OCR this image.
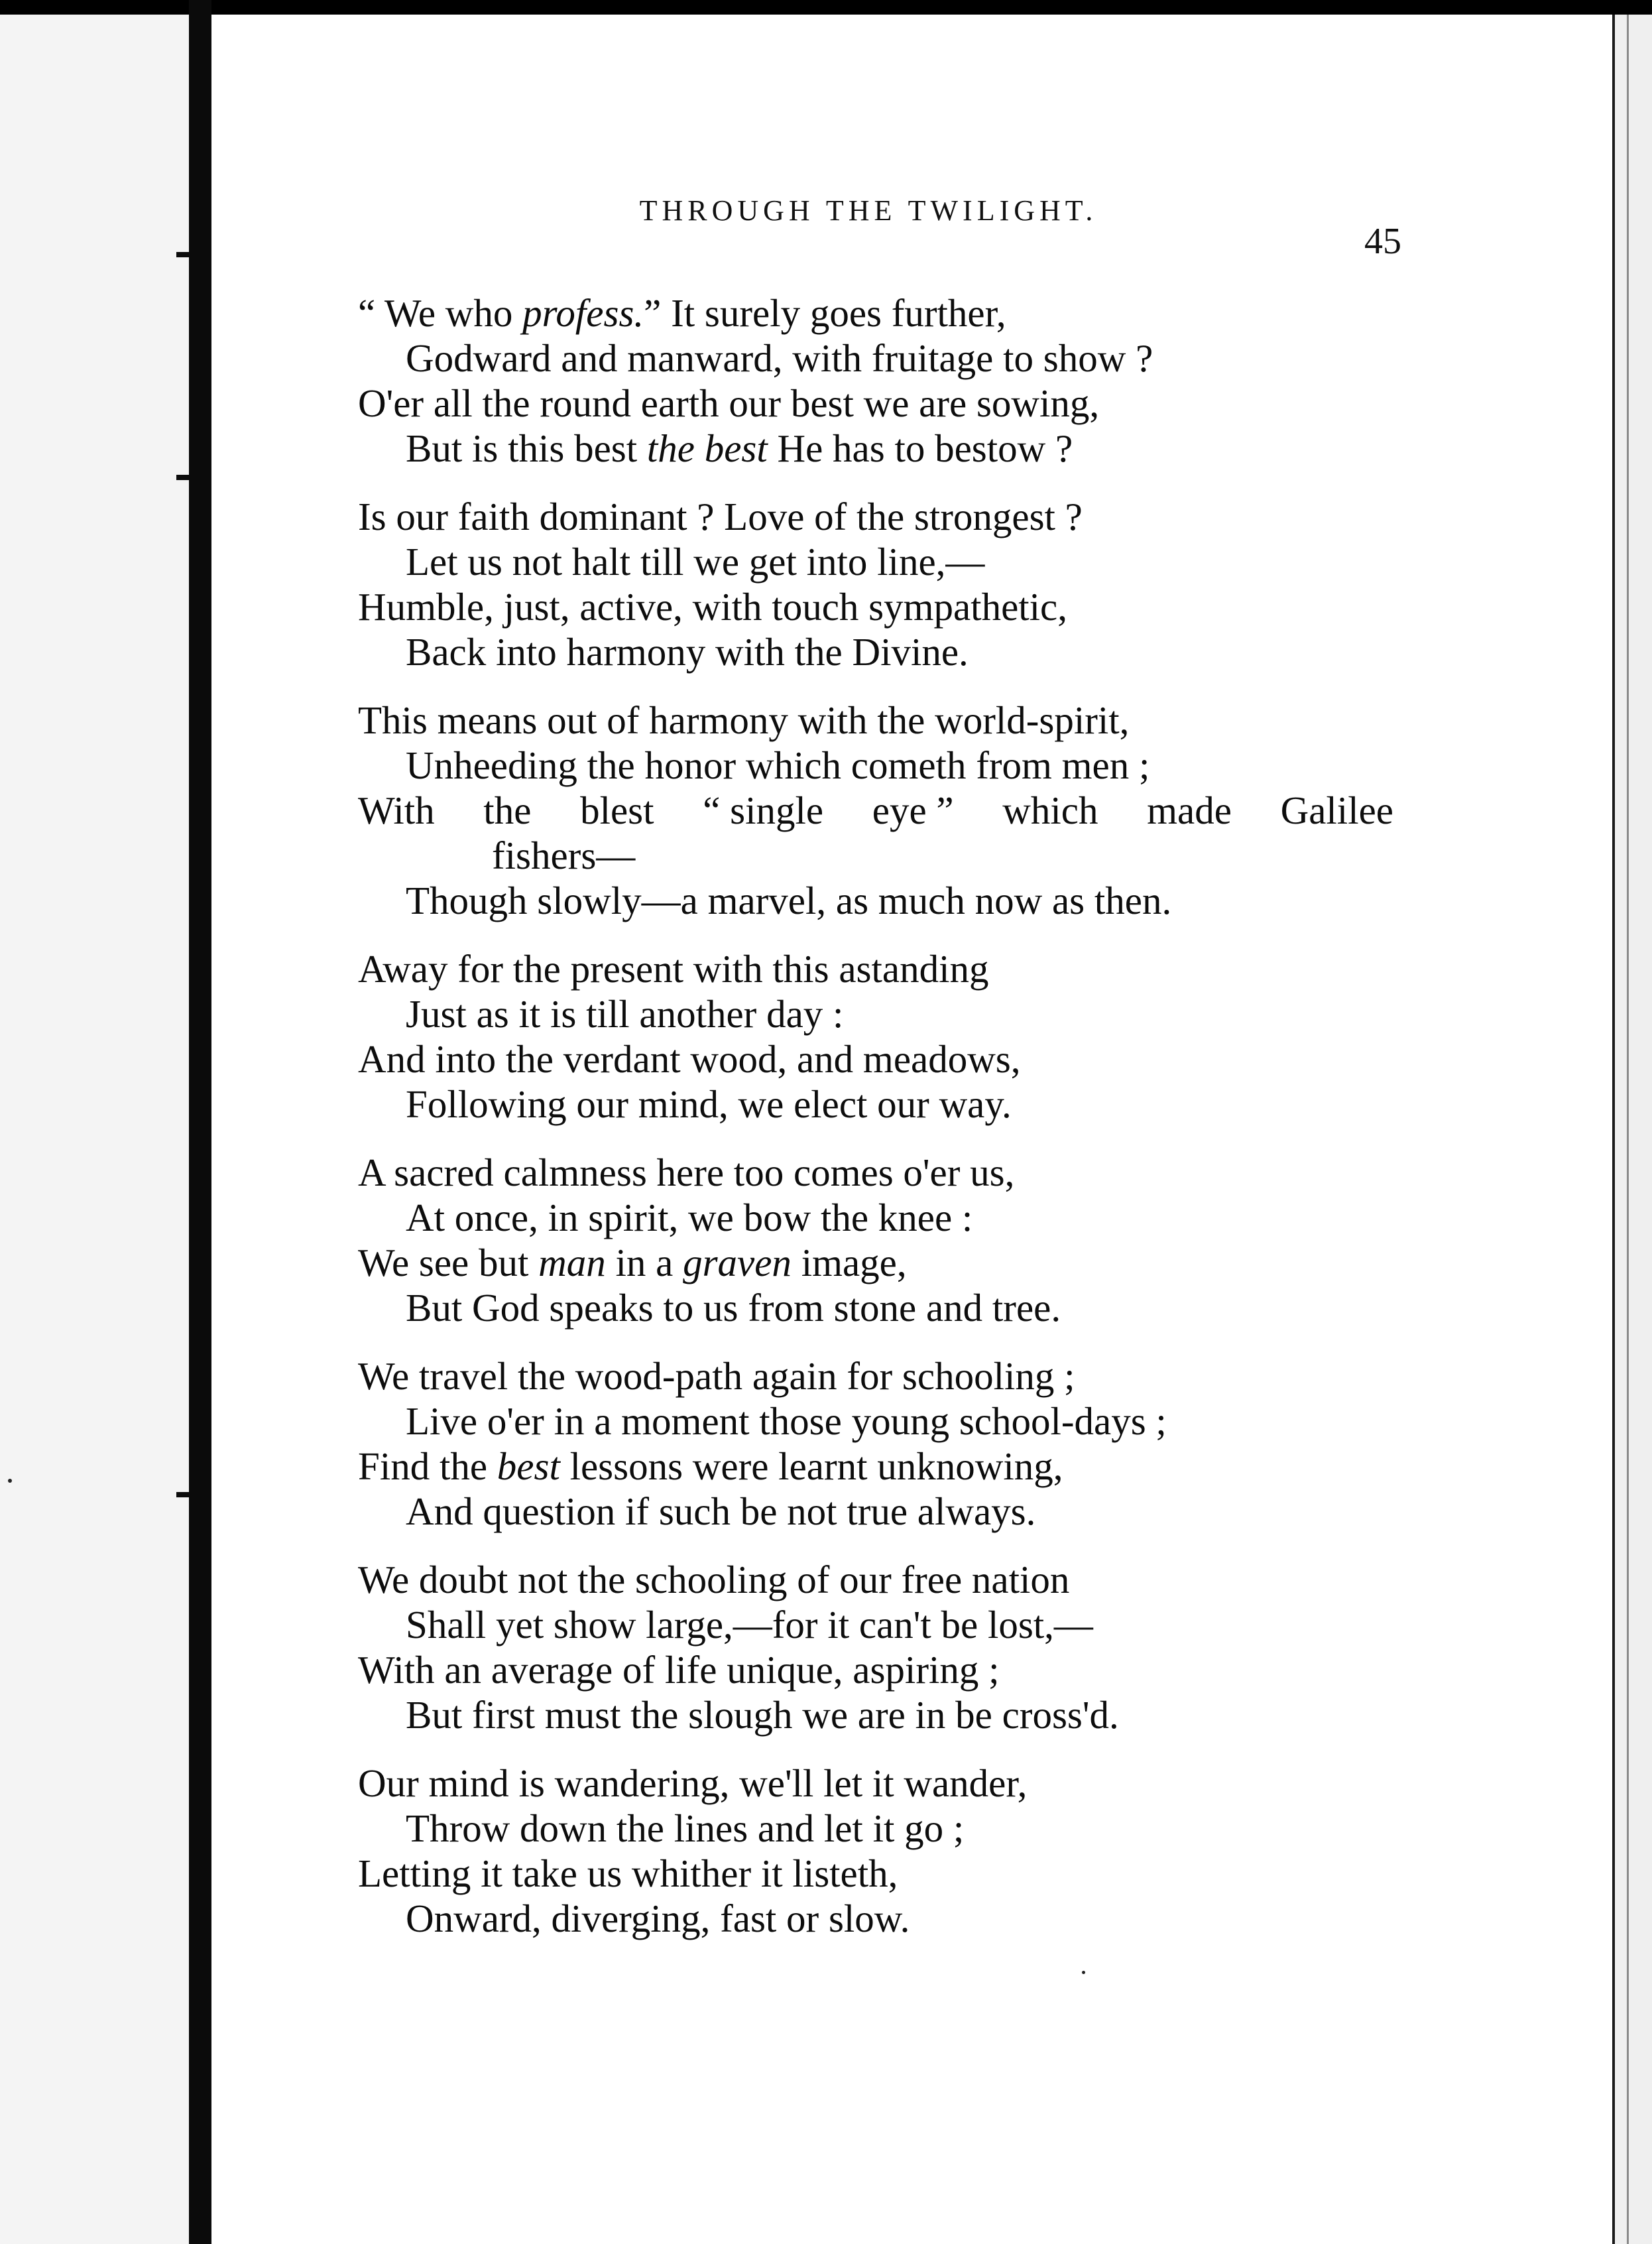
THROUGH THE TWILIGHT.
45
“ We who profess.” It surely goes further,
Godward and manward, with fruitage to show ?
O'er all the round earth our best we are sowing,
But is this best the best He has to bestow ?
Is our faith dominant ? Love of the strongest ?
Let us not halt till we get into line,—
Humble, just, active, with touch sympathetic,
Back into harmony with the Divine.
This means out of harmony with the world-spirit,
Unheeding the honor which cometh from men ;
With the blest “ single eye ” which made Galilee
fishers—
Though slowly—a marvel, as much now as then.
Away for the present with this astanding
Just as it is till another day :
And into the verdant wood, and meadows,
Following our mind, we elect our way.
A sacred calmness here too comes o'er us,
At once, in spirit, we bow the knee :
We see but man in a graven image,
But God speaks to us from stone and tree.
We travel the wood-path again for schooling ;
Live o'er in a moment those young school-days ;
Find the best lessons were learnt unknowing,
And question if such be not true always.
We doubt not the schooling of our free nation
Shall yet show large,—for it can't be lost,—
With an average of life unique, aspiring ;
But first must the slough we are in be cross'd.
Our mind is wandering, we'll let it wander,
Throw down the lines and let it go ;
Letting it take us whither it listeth,
Onward, diverging, fast or slow.
